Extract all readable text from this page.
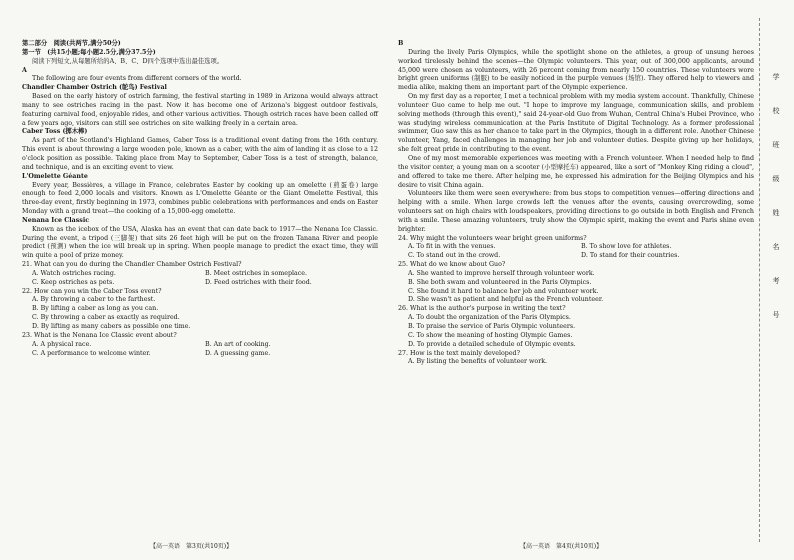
第二部分　阅读(共两节,满分50分)

第一节　(共15小题;每小题2.5分,满分37.5分)

阅读下列短文,从每题所给的A、B、C、D四个选项中选出最佳选项。

A

The following are four events from different corners of the world.

Chandler Chamber Ostrich (鸵鸟) Festival

Based on the early history of ostrich farming, the festival starting in 1989 in Arizona would always attract many to see ostriches racing in the past. Now it has become one of Arizona's biggest outdoor festivals, featuring carnival food, enjoyable rides, and other various activities. Though ostrich races have been called off a few years ago, visitors can still see ostriches on site walking freely in a certain area.

Caber Toss (掷木棒)

As part of the Scotland's Highland Games, Caber Toss is a traditional event dating from the 16th century. This event is about throwing a large wooden pole, known as a caber, with the aim of landing it as close to a 12 o'clock position as possible. Taking place from May to September, Caber Toss is a test of strength, balance, and technique, and is an exciting event to view.

L'Omelette Géante

Every year, Bessières, a village in France, celebrates Easter by cooking up an omelette (煎蛋卷) large enough to feed 2,000 locals and visitors. Known as L'Omelette Géante or the Giant Omelette Festival, this three-day event, firstly beginning in 1973, combines public celebrations with performances and ends on Easter Monday with a grand treat—the cooking of a 15,000-egg omelette.

Nenana Ice Classic

Known as the icebox of the USA, Alaska has an event that can date back to 1917—the Nenana Ice Classic. During the event, a tripod (三脚架) that sits 26 feet high will be put on the frozen Tanana River and people predict (预测) when the ice will break up in spring. When people manage to predict the exact time, they will win quite a pool of prize money.

21. What can you do during the Chandler Chamber Ostrich Festival?

A. Watch ostriches racing.	B. Meet ostriches in someplace.
C. Keep ostriches as pets.	D. Feed ostriches with their food.

22. How can you win the Caber Toss event?

A. By throwing a caber to the farthest.

B. By lifting a caber as long as you can.

C. By throwing a caber as exactly as required.

D. By lifting as many cabers as possible one time.

23. What is the Nenana Ice Classic event about?

A. A physical race.	B. An art of cooking.
C. A performance to welcome winter.	D. A guessing game.

B

During the lively Paris Olympics, while the spotlight shone on the athletes, a group of unsung heroes worked tirelessly behind the scenes—the Olympic volunteers. This year, out of 300,000 applicants, around 45,000 were chosen as volunteers, with 26 percent coming from nearly 150 countries. These volunteers wore bright green uniforms (制服) to be easily noticed in the purple venues (场馆). They offered help to viewers and media alike, making them an important part of the Olympic experience.

On my first day as a reporter, I met a technical problem with my media system account. Thankfully, Chinese volunteer Guo came to help me out. "I hope to improve my language, communication skills, and problem solving methods (through this event)," said 24-year-old Guo from Wuhan, Central China's Hubei Province, who was studying wireless communication at the Paris Institute of Digital Technology. As a former professional swimmer, Guo saw this as her chance to take part in the Olympics, though in a different role. Another Chinese volunteer, Yang, faced challenges in managing her job and volunteer duties. Despite giving up her holidays, she felt great pride in contributing to the event.

One of my most memorable experiences was meeting with a French volunteer. When I needed help to find the visitor center, a young man on a scooter (小型摩托车) appeared, like a sort of "Monkey King riding a cloud", and offered to take me there. After helping me, he expressed his admiration for the Beijing Olympics and his desire to visit China again.

Volunteers like them were seen everywhere: from bus stops to competition venues—offering directions and helping with a smile. When large crowds left the venues after the events, causing overcrowding, some volunteers sat on high chairs with loudspeakers, providing directions to go outside in both English and French with a smile. These amazing volunteers, truly show the Olympic spirit, making the event and Paris shine even brighter.

24. Why might the volunteers wear bright green uniforms?

A. To fit in with the venues.	B. To show love for athletes.
C. To stand out in the crowd.	D. To stand for their countries.

25. What do we know about Guo?

A. She wanted to improve herself through volunteer work.

B. She both swam and volunteered in the Paris Olympics.

C. She found it hard to balance her job and volunteer work.

D. She wasn't as patient and helpful as the French volunteer.

26. What is the author's purpose in writing the text?

A. To doubt the organization of the Paris Olympics.

B. To praise the service of Paris Olympic volunteers.

C. To show the meaning of hosting Olympic Games.

D. To provide a detailed schedule of Olympic events.

27. How is the text mainly developed?

A. By listing the benefits of volunteer work.

【高一英语　第3页(共10页)】	【高一英语　第4页(共10页)】
学
校
班
级
姓
名
考
号
